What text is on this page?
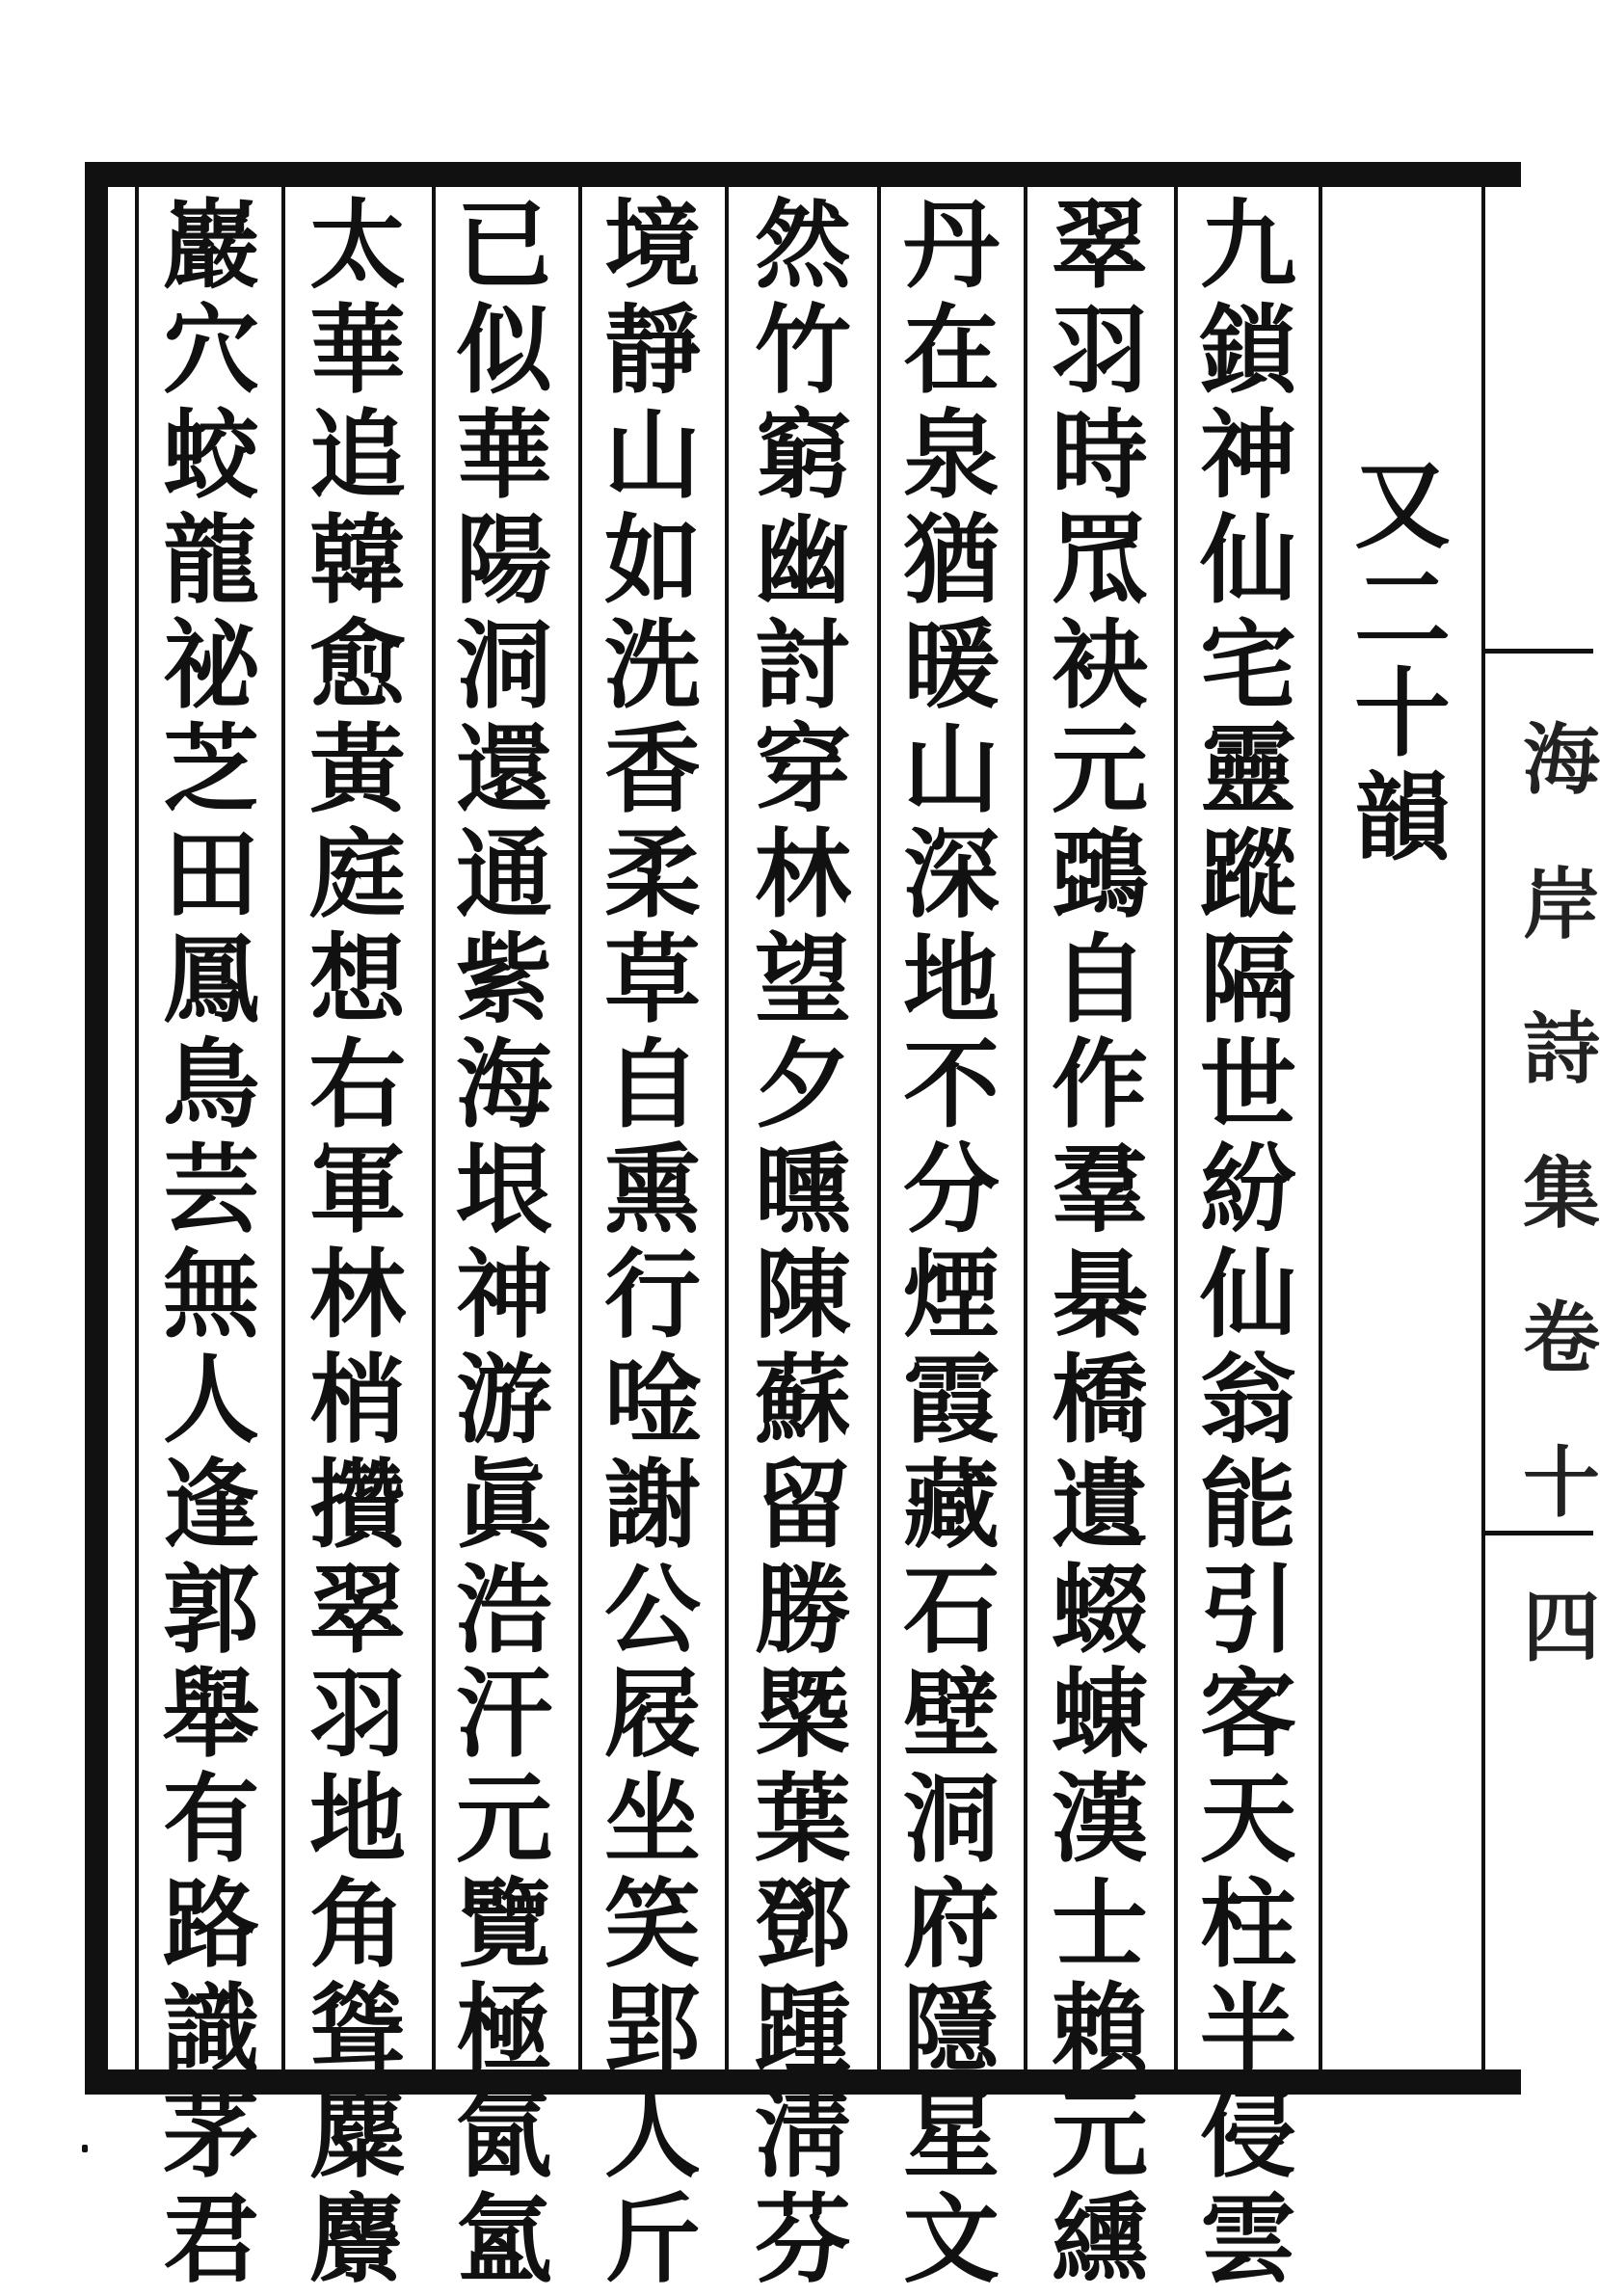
又
二
十
韻
九
鎖
神
仙
宅
靈
蹤
隔
世
紛
仙
翁
能
引
客
天
柱
半
侵
雲
翠
羽
時
罛
袂
元
鵶
自
作
羣
㮂
橋
遺
蝃
蝀
漢
士
賴
元
纁
丹
在
泉
猶
暖
山
深
地
不
分
煙
霞
藏
石
壁
洞
府
隱
星
文
然
竹
窮
幽
討
穿
林
望
夕
曛
陳
蘇
留
勝
槩
葉
鄧
踵
淸
芬
境
靜
山
如
洗
香
柔
草
自
熏
行
唫
謝
公
屐
坐
笑
郢
人
斤
已
似
華
陽
洞
還
通
紫
海
垠
神
游
眞
浩
汗
元
覽
極
氤
氳
太
華
追
韓
愈
黃
庭
想
右
軍
林
梢
攢
翠
羽
地
角
聳
麋
麖
巖
穴
蛟
龍
祕
芝
田
鳳
鳥
芸
無
人
逢
郭
舉
有
路
識
茅
君
海
岸
詩
集
卷
十
四
